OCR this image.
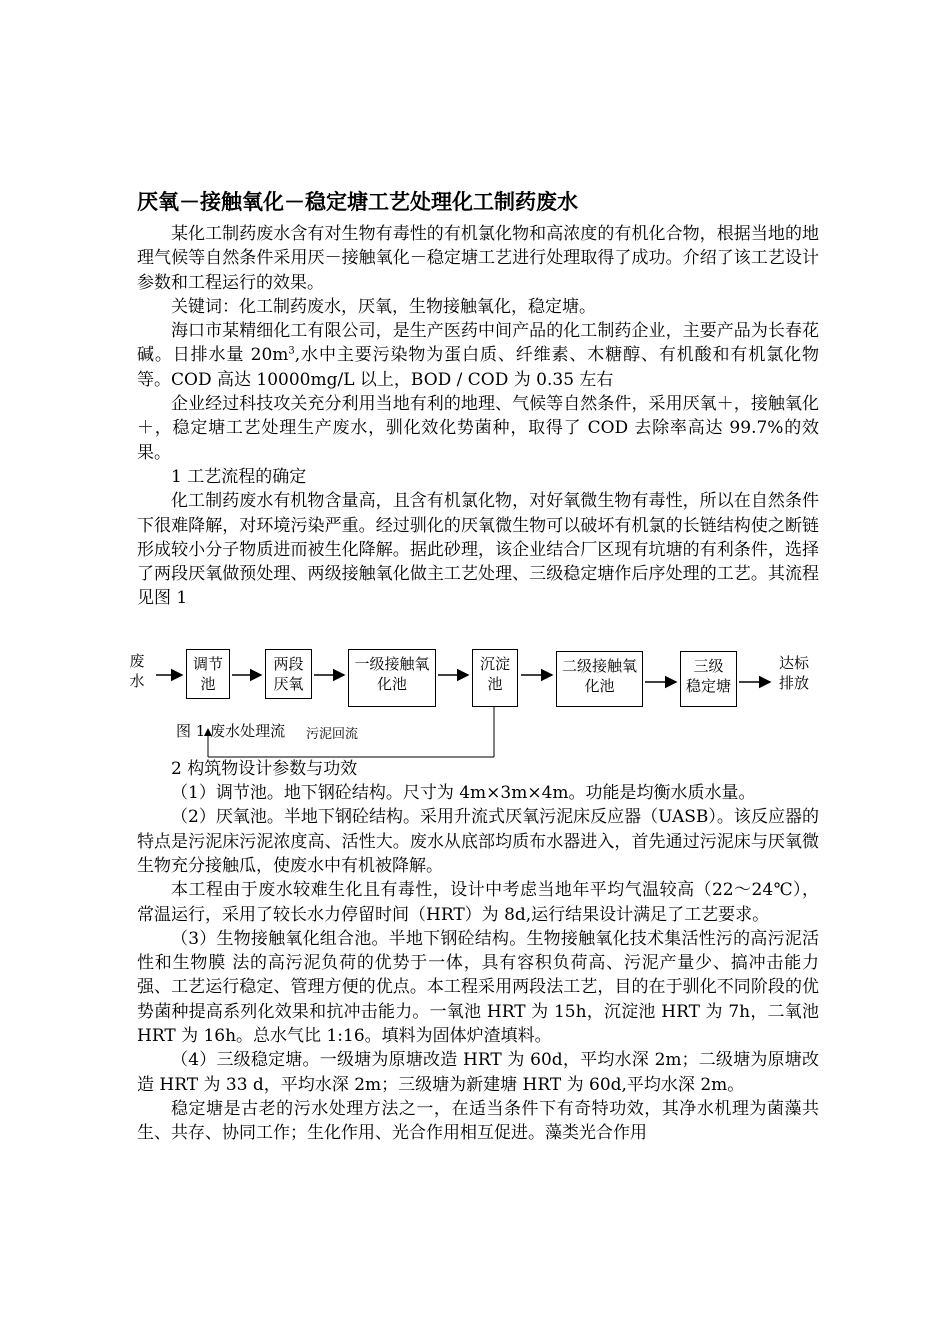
厌氧－接触氧化－稳定塘工艺处理化工制药废水

某化工制药废水含有对生物有毒性的有机氯化物和高浓度的有机化合物，根据当地的地理气候等自然条件采用厌－接触氧化－稳定塘工艺进行处理取得了成功。介绍了该工艺设计参数和工程运行的效果。

关键词：化工制药废水，厌氧，生物接触氧化，稳定塘。

海口市某精细化工有限公司，是生产医药中间产品的化工制药企业，主要产品为长春花碱。日排水量 $20m^3$,水中主要污染物为蛋白质、纤维素、木糖醇、有机酸和有机氯化物等。COD 高达 10000mg/L 以上，BOD / COD 为 0.35 左右

企业经过科技攻关充分利用当地有利的地理、气候等自然条件，采用厌氧＋，接触氧化＋，稳定塘工艺处理生产废水，驯化效化势菌种，取得了 COD 去除率高达 99.7%的效果。

1 工艺流程的确定

化工制药废水有机物含量高，且含有机氯化物，对好氧微生物有毒性，所以在自然条件下很难降解，对环境污染严重。经过驯化的厌氧微生物可以破坏有机氯的长链结构使之断链形成较小分子物质进而被生化降解。据此砂理，该企业结合厂区现有坑塘的有利条件，选择了两段厌氧做预处理、两级接触氧化做主工艺处理、三级稳定塘作后序处理的工艺。其流程见图 1

2 构筑物设计参数与功效

（1）调节池。地下钢砼结构。尺寸为 4m×3m×4m。功能是均衡水质水量。

（2）厌氧池。半地下钢砼结构。采用升流式厌氧污泥床反应器（UASB）。该反应器的特点是污泥床污泥浓度高、活性大。废水从底部均质布水器进入，首先通过污泥床与厌氧微生物充分接触瓜，使废水中有机被降解。

本工程由于废水较难生化且有毒性，设计中考虑当地年平均气温较高（22～24℃），常温运行，采用了较长水力停留时间（HRT）为 8d,运行结果设计满足了工艺要求。

（3）生物接触氧化组合池。半地下钢砼结构。生物接触氧化技术集活性污的高污泥活性和生物膜 法的高污泥负荷的优势于一体，具有容积负荷高、污泥产量少、搞冲击能力强、工艺运行稳定、管理方便的优点。本工程采用两段法工艺，目的在于驯化不同阶段的优势菌种提高系列化效果和抗冲击能力。一氧池 HRT 为 15h，沉淀池 HRT 为 7h，二氧池 HRT 为 16h。总水气比 1:16。填料为固体炉渣填料。

（4）三级稳定塘。一级塘为原塘改造 HRT 为 60d，平均水深 2m；二级塘为原塘改造 HRT 为 33 d，平均水深 2m；三级塘为新建塘 HRT 为 60d,平均水深 2m。

稳定塘是古老的污水处理方法之一，在适当条件下有奇特功效，其净水机理为菌藻共生、共存、协同工作；生化作用、光合作用相互促进。藻类光合作用

废
水
调节
池
两段
厌氧
一级接触氧
化池
沉淀
池
二级接触氧
化池
三级
稳定塘
达标
排放
图 1 废水处理流 污泥回流
